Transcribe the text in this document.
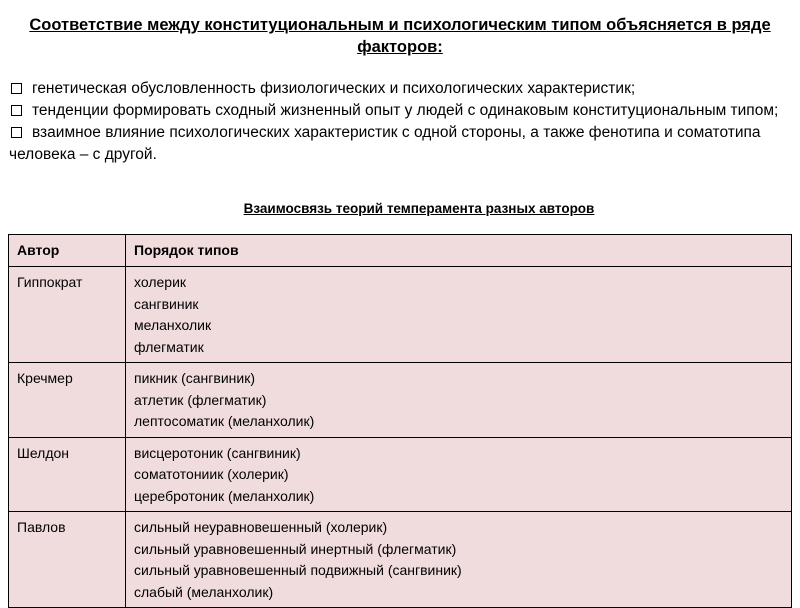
Соответствие между конституциональным и психологическим типом объясняется в ряде факторов:

генетическая обусловленность физиологических и психологических характеристик;

тенденции формировать сходный жизненный опыт у людей с одинаковым конституциональным типом;

взаимное влияние психологических характеристик с одной стороны, а также фенотипа и соматотипа человека – с другой.

Взаимосвязь теорий темперамента разных авторов
Автор	Порядок типов
Гиппократ	холерик
сангвиник
меланхолик
флегматик

Кречмер	пикник (сангвиник)
атлетик (флегматик)
лептосоматик (меланхолик)

Шелдон	висцеротоник (сангвиник)
соматотониик (холерик)
церебротоник (меланхолик)

Павлов	сильный неуравновешенный (холерик)
сильный уравновешенный инертный (флегматик)
сильный уравновешенный подвижный (сангвиник)
слабый (меланхолик)
